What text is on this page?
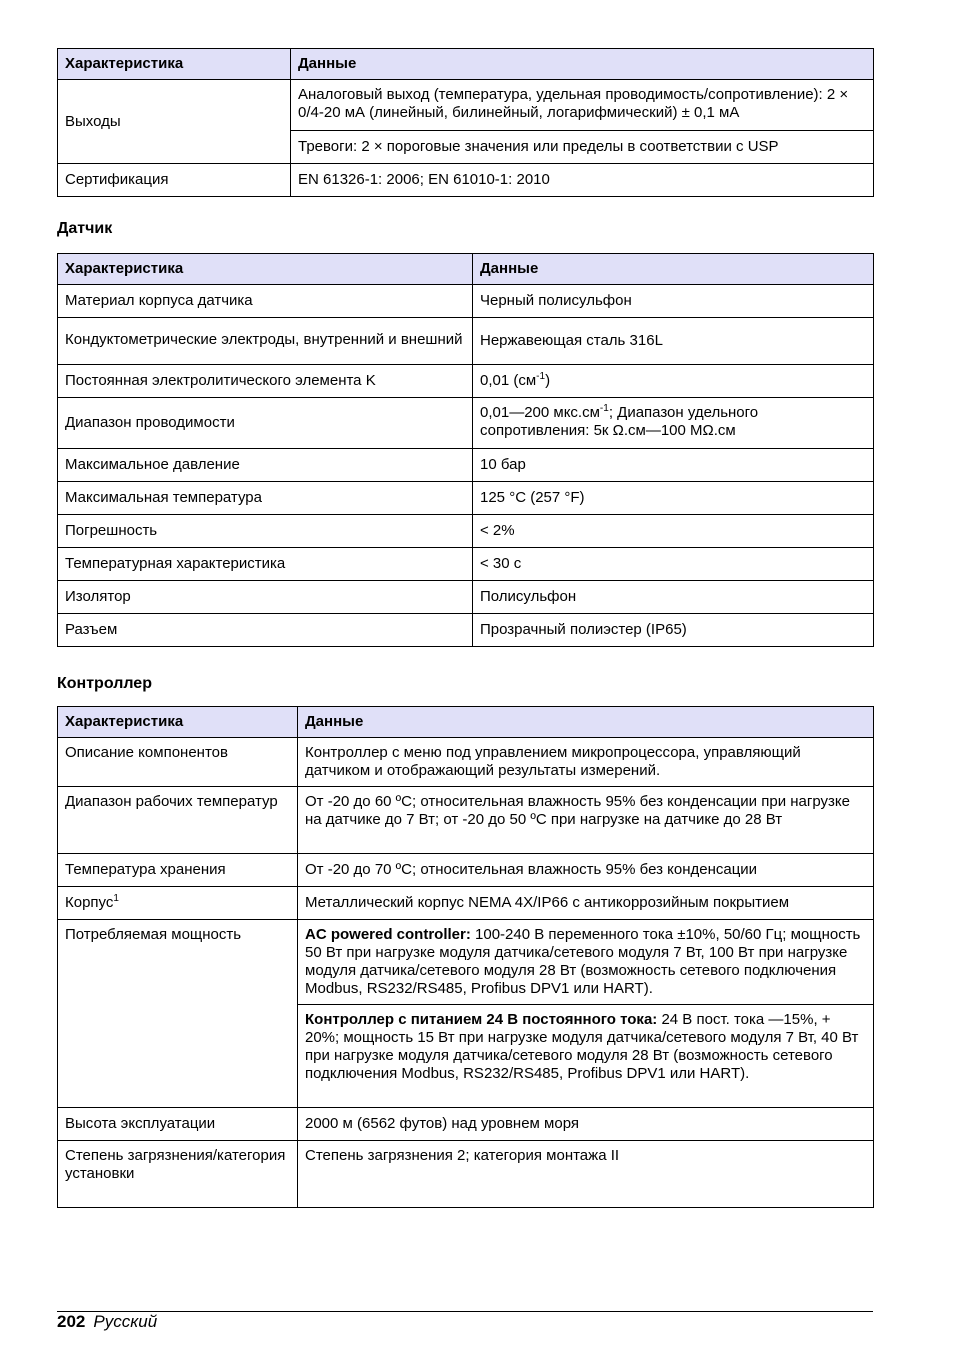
Характеристика	Данные
Выходы	Аналоговый выход (температура, удельная проводимость/сопротивление): 2 × 0/4-20 мА (линейный, билинейный, логарифмический) ± 0,1 мА
	Тревоги: 2 × пороговые значения или пределы в соответствии с USP
Сертификация	EN 61326-1: 2006; EN 61010-1: 2010
Датчик
Характеристика	Данные
Материал корпуса датчика	Черный полисульфон
Кондуктометрические электроды, внутренний и внешний	Нержавеющая сталь 316L
Постоянная электролитического элемента K	0,01 $(см^{-1})$
Диапазон проводимости	0,01—200 $мкс.см^{-1}$; Диапазон удельного сопротивления: 5к Ω.см—100 MΩ.см
Максимальное давление	10 бар
Максимальная температура	125 °C (257 °F)
Погрешность	< 2%
Температурная характеристика	< 30 с
Изолятор	Полисульфон
Разъем	Прозрачный полиэстер (IP65)
Контроллер
Характеристика	Данные
Описание компонентов	Контроллер с меню под управлением микропроцессора, управляющий датчиком и отображающий результаты измерений.
Диапазон рабочих температур	От -20 до 60 ºC; относительная влажность 95% без конденсации при нагрузке на датчике до 7 Вт; от -20 до 50 ºC при нагрузке на датчике до 28 Вт
Температура хранения	От -20 до 70 ºC; относительная влажность 95% без конденсации
Корпус$^1$	Металлический корпус NEMA 4X/IP66 с антикоррозийным покрытием
Потребляемая мощность	AC powered controller: 100-240 В переменного тока ±10%, 50/60 Гц; мощность 50 Вт при нагрузке модуля датчика/сетевого модуля 7 Вт, 100 Вт при нагрузке модуля датчика/сетевого модуля 28 Вт (возможность сетевого подключения Modbus, RS232/RS485, Profibus DPV1 или HART).
	Контроллер с питанием 24 В постоянного тока: 24 В пост. тока —15%, + 20%; мощность 15 Вт при нагрузке модуля датчика/сетевого модуля 7 Вт, 40 Вт при нагрузке модуля датчика/сетевого модуля 28 Вт (возможность сетевого подключения Modbus, RS232/RS485, Profibus DPV1 или HART).
Высота эксплуатации	2000 м (6562 футов) над уровнем моря
Степень загрязнения/категория установки	Степень загрязнения 2; категория монтажа II
202 Русский
